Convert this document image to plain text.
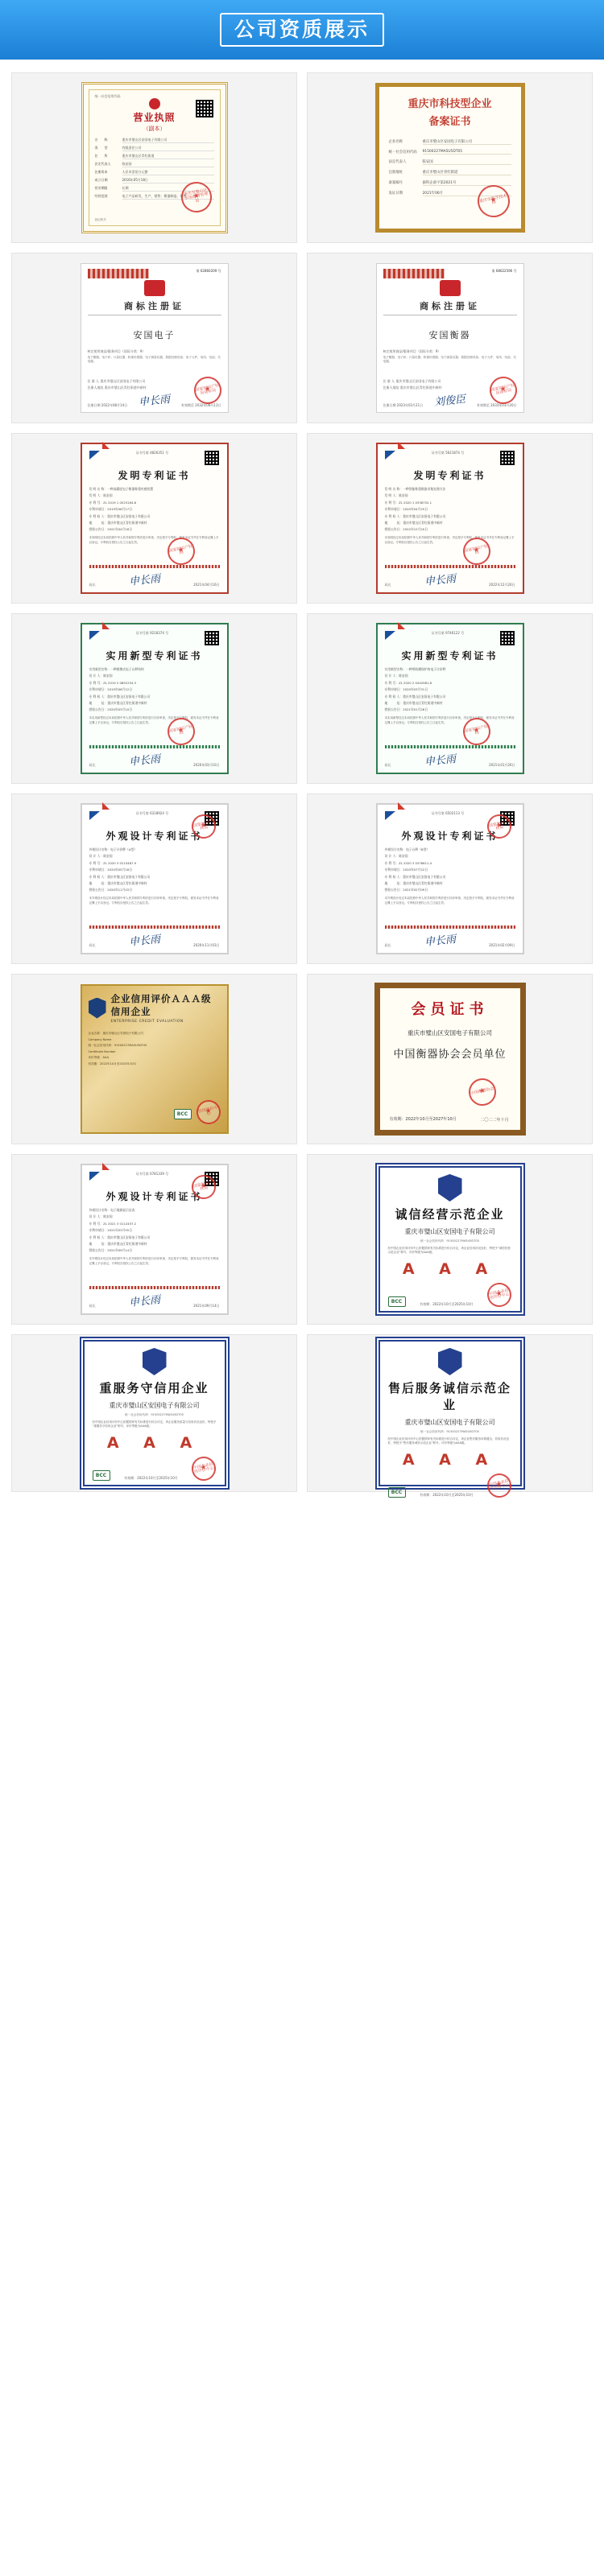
公司资质展示
统一社会信用代码
营业执照
（副本）
名　　称	重庆市璧山区安国电子有限公司
类　　型	有限责任公司
住　　所	重庆市璧山区青杠街道
法定代表人	陈安国
注册资本	人民币壹佰万元整
成立日期	2016年05月18日
营业期限	长期
经营范围	电子产品研发、生产、销售；衡器制造、销售
重庆市璧山区市场监督管理局 ★
登记机关
重庆市科技型企业
备案证书
企业名称	重庆市璧山区安国电子有限公司
统一社会信用代码	91500227MA5U5DT05
法定代表人	陈安国
注册地址	重庆市璧山区青杠街道
备案编号	渝科企备字第2021号
发证日期	2021年06月	重庆市科学技术局 ★
第 62860209 号
商标注册证
安国电子
核定使用商品/服务项目（国际分类：9）
电子衡器；电子秤；计量仪器；称重传感器；电子测量仪器；数据处理设备；电子元件；电线；电池；充电器。
注 册 人 重庆市璧山区安国电子有限公司
注册人地址 重庆市璧山区青杠街道中新村
注册日期 2022年08月14日 申长雨	有效期至 2032年08月13日
国家知识产权局商标局 ★
第 68622596 号
商标注册证
安国衡器
核定使用商品/服务项目（国际分类：9）
电子衡器；电子秤；计量仪器；称重传感器；电子测量仪器；数据处理设备；电子元件；电线；电池；充电器。
注 册 人 重庆市璧山区安国电子有限公司
注册人地址 重庆市璧山区青杠街道中新村
注册日期 2023年03月21日 刘俊臣	有效期至 2033年03月20日
国家知识产权局商标局 ★
证书号第 4826351 号
发明专利证书
发 明 名 称：一种高精度电子衡器称重传感装置
发 明 人：陈安国
专 利 号：ZL 2019 1 0523164.8
专利申请日：2019年06月17日
专 利 权 人：重庆市璧山区安国电子有限公司
地　　　址：重庆市璧山区青杠街道中新村
授权公告日：2021年04月16日
本发明经过本局依照中华人民共和国专利法进行审查，决定授予专利权，颁发本证书并在专利登记簿上予以登记。专利权自授权公告之日起生效。
局长	申长雨	2021年04月16日
国家知识产权局 ★
证书号第 5621874 号
发明专利证书
发 明 名 称：一种智能称重数据采集处理方法
发 明 人：陈安国
专 利 号：ZL 2020 1 0338752.1
专利申请日：2020年04月25日
专 利 权 人：重庆市璧山区安国电子有限公司
地　　　址：重庆市璧山区青杠街道中新村
授权公告日：2022年12月20日
本发明经过本局依照中华人民共和国专利法进行审查，决定授予专利权，颁发本证书并在专利登记簿上予以登记。专利权自授权公告之日起生效。
局长	申长雨	2022年12月20日
国家知识产权局 ★
证书号第 9218374 号
实用新型专利证书
实用新型名称：一种便携式电子台秤结构
设 计 人：陈安国
专 利 号：ZL 2019 2 0891254.3
专利申请日：2019年06月12日
专 利 权 人：重庆市璧山区安国电子有限公司
地　　　址：重庆市璧山区青杠街道中新村
授权公告日：2020年03月10日
本实用新型经过本局依照中华人民共和国专利法进行初步审查，决定授予专利权，颁发本证书并在专利登记簿上予以登记。专利权自授权公告之日起生效。
局长	申长雨	2020年03月10日
国家知识产权局 ★
证书号第 9746122 号
实用新型专利证书
实用新型名称：一种带防潮保护的电子计价秤
设 计 人：陈安国
专 利 号：ZL 2020 2 0442981.6
专利申请日：2020年03月31日
专 利 权 人：重庆市璧山区安国电子有限公司
地　　　址：重庆市璧山区青杠街道中新村
授权公告日：2021年01月26日
本实用新型经过本局依照中华人民共和国专利法进行初步审查，决定授予专利权，颁发本证书并在专利登记簿上予以登记。专利权自授权公告之日起生效。
局长	申长雨	2021年01月26日
国家知识产权局 ★
证书号第 6318924 号
外观设计专利证书
外观设计名称：电子计价秤（A型）
设 计 人：陈安国
专 利 号：ZL 2020 3 0215487.9
专利申请日：2020年05月18日
专 利 权 人：重庆市璧山区安国电子有限公司
地　　　址：重庆市璧山区青杠街道中新村
授权公告日：2020年11月03日
本外观设计经过本局依照中华人民共和国专利法进行初步审查，决定授予专利权，颁发本证书并在专利登记簿上予以登记。专利权自授权公告之日起生效。
局长	申长雨	2020年11月03日
国家知识产权局 ★
证书号第 6502113 号
外观设计专利证书
外观设计名称：电子台秤（B型）
设 计 人：陈安国
专 利 号：ZL 2020 3 0378611.4
专利申请日：2020年07月22日
专 利 权 人：重庆市璧山区安国电子有限公司
地　　　址：重庆市璧山区青杠街道中新村
授权公告日：2021年02月09日
本外观设计经过本局依照中华人民共和国专利法进行初步审查，决定授予专利权，颁发本证书并在专利登记簿上予以登记。专利权自授权公告之日起生效。
局长	申长雨	2021年02月09日
国家知识产权局 ★
企业信用评价ＡＡＡ级信用企业
ENTERPRISE CREDIT EVALUATION
企业名称：重庆市璧山区安国电子有限公司
Company Name
统一社会信用代码：91500227MA5U5DT05
Certificate Number
评价等级：AAA
有效期：2022年10月至2025年10月
BCC
信用评价中心 ★
会员证书
重庆市璧山区安国电子有限公司
中国衡器协会会员单位
有效期：2022年10月至2027年10月	二〇二二年十月
中国衡器协会 ★
证书号第 6781339 号
外观设计专利证书
外观设计名称：电子地磅显示仪表
设 计 人：陈安国
专 利 号：ZL 2021 3 0112457.2
专利申请日：2021年03月05日
专 利 权 人：重庆市璧山区安国电子有限公司
地　　　址：重庆市璧山区青杠街道中新村
授权公告日：2021年09月14日
本外观设计经过本局依照中华人民共和国专利法进行初步审查，决定授予专利权，颁发本证书并在专利登记簿上予以登记。专利权自授权公告之日起生效。
局长	申长雨	2021年09月14日
国家知识产权局 ★
诚信经营示范企业
重庆市璧山区安国电子有限公司
统一社会信用代码：91500227MA5U5DT05
经中国企业信用评价中心依据国家有关标准进行综合评定，该企业信用状况良好，特授予“诚信经营示范企业”称号，评价等级为AAA级。
A A A
BCC
有效期：2022年10月至2025年10月
中国企业信用评价中心 ★
重服务守信用企业
重庆市璧山区安国电子有限公司
统一社会信用代码：91500227MA5U5DT05
经中国企业信用评价中心依据国家有关标准进行综合评定，该企业服务质量与信用状况良好，特授予“重服务守信用企业”称号，评价等级为AAA级。
A A A
BCC
有效期：2022年10月至2025年10月
中国企业信用评价中心 ★
售后服务诚信示范企业
重庆市璧山区安国电子有限公司
统一社会信用代码：91500227MA5U5DT05
经中国企业信用评价中心依据国家有关标准进行综合评定，该企业售后服务体系健全、信用状况良好，特授予“售后服务诚信示范企业”称号，评价等级为AAA级。
A A A
BCC
有效期：2022年10月至2025年10月
中国企业信用评价中心 ★
